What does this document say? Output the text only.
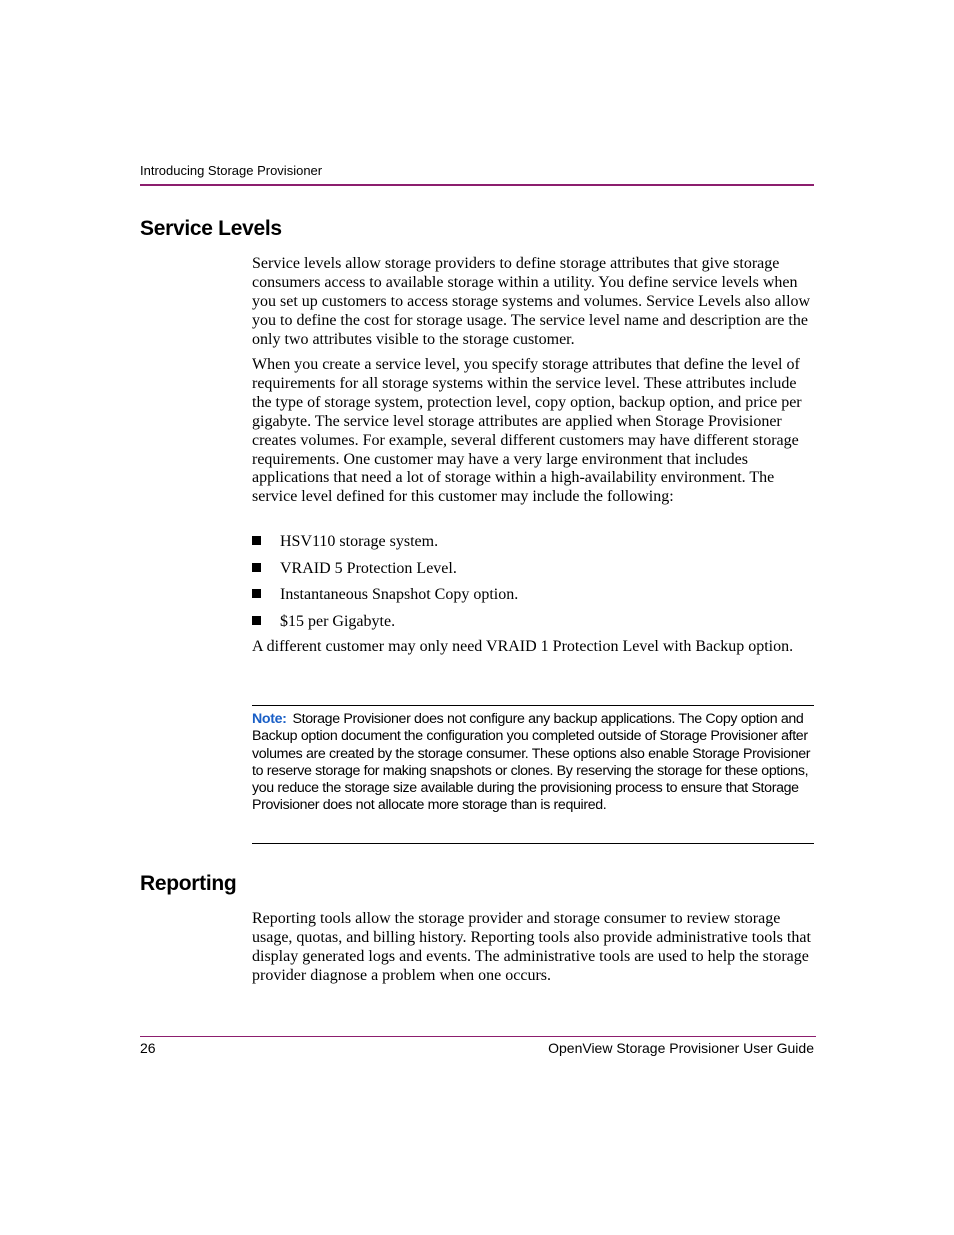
Introducing Storage Provisioner
Service Levels

Service levels allow storage providers to define storage attributes that give storage consumers access to available storage within a utility. You define service levels when you set up customers to access storage systems and volumes. Service Levels also allow you to define the cost for storage usage. The service level name and description are the only two attributes visible to the storage customer.

When you create a service level, you specify storage attributes that define the level of requirements for all storage systems within the service level. These attributes include the type of storage system, protection level, copy option, backup option, and price per gigabyte. The service level storage attributes are applied when Storage Provisioner creates volumes. For example, several different customers may have different storage requirements. One customer may have a very large environment that includes applications that need a lot of storage within a high-availability environment. The service level defined for this customer may include the following:

HSV110 storage system.
VRAID 5 Protection Level.
Instantaneous Snapshot Copy option.
$15 per Gigabyte.

A different customer may only need VRAID 1 Protection Level with Backup option.

Note: Storage Provisioner does not configure any backup applications. The Copy option and Backup option document the configuration you completed outside of Storage Provisioner after volumes are created by the storage consumer. These options also enable Storage Provisioner to reserve storage for making snapshots or clones. By reserving the storage for these options, you reduce the storage size available during the provisioning process to ensure that Storage Provisioner does not allocate more storage than is required.

Reporting

Reporting tools allow the storage provider and storage consumer to review storage usage, quotas, and billing history. Reporting tools also provide administrative tools that display generated logs and events. The administrative tools are used to help the storage provider diagnose a problem when one occurs.

26	OpenView Storage Provisioner User Guide
